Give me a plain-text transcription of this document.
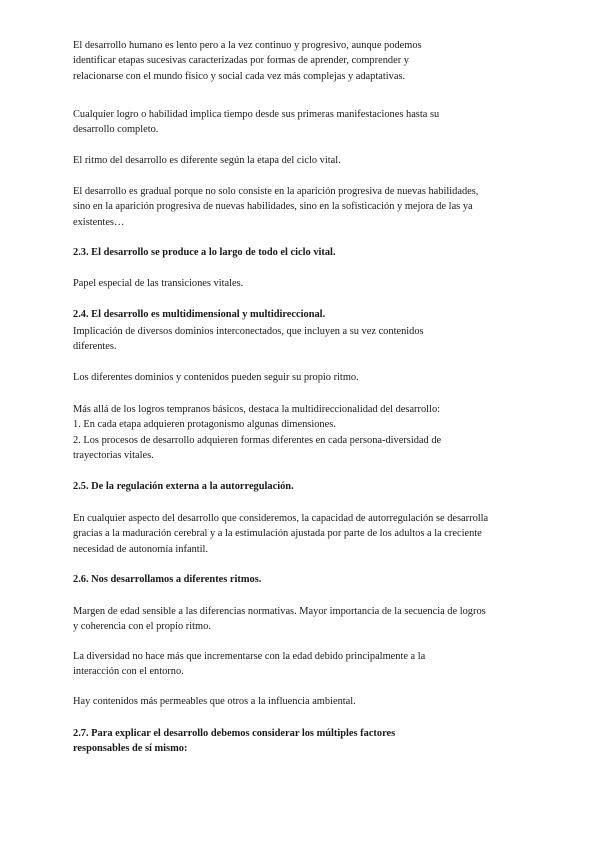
El desarrollo humano es lento pero a la vez continuo y progresivo, aunque podemos

identificar etapas sucesivas caracterizadas por formas de aprender, comprender y

relacionarse con el mundo físico y social cada vez más complejas y adaptativas.

Cualquier logro o habilidad implica tiempo desde sus primeras manifestaciones hasta su

desarrollo completo.

El ritmo del desarrollo es diferente según la etapa del ciclo vital.

El desarrollo es gradual porque no solo consiste en la aparición progresiva de nuevas habilidades,

sino en la aparición progresiva de nuevas habilidades, sino en la sofisticación y mejora de las ya

existentes…

2.3. El desarrollo se produce a lo largo de todo el ciclo vital.

Papel especial de las transiciones vitales.

2.4. El desarrollo es multidimensional y multidireccional.

Implicación de diversos dominios interconectados, que incluyen a su vez contenidos

diferentes.

Los diferentes dominios y contenidos pueden seguir su propio ritmo.

Más allá de los logros tempranos básicos, destaca la multidireccionalidad del desarrollo:

1. En cada etapa adquieren protagonismo algunas dimensiones.

2. Los procesos de desarrollo adquieren formas diferentes en cada persona-diversidad de

trayectorias vitales.

2.5. De la regulación externa a la autorregulación.

En cualquier aspecto del desarrollo que consideremos, la capacidad de autorregulación se desarrolla

gracias a la maduración cerebral y a la estimulación ajustada por parte de los adultos a la creciente

necesidad de autonomía infantil.

2.6. Nos desarrollamos a diferentes ritmos.

Margen de edad sensible a las diferencias normativas. Mayor importancia de la secuencia de logros

y coherencia con el propio ritmo.

La diversidad no hace más que incrementarse con la edad debido principalmente a la

interacción con el entorno.

Hay contenidos más permeables que otros a la influencia ambiental.

2.7. Para explicar el desarrollo debemos considerar los múltiples factores

responsables de sí mismo:
